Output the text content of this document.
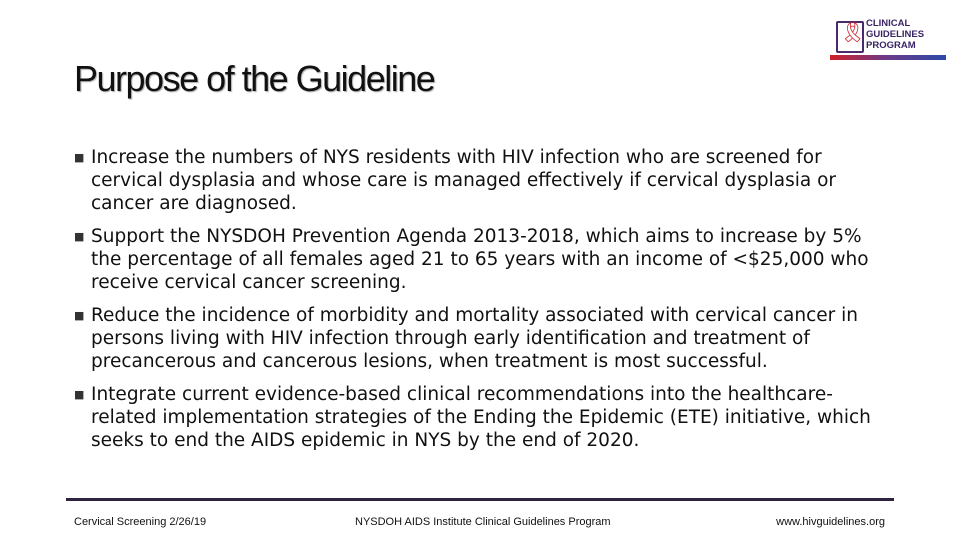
Purpose of the Guideline
🎗︎ CLINICAL
GUIDELINES
PROGRAM
■ Increase the numbers of NYS residents with HIV infection who are screened for cervical dysplasia and whose care is managed effectively if cervical dysplasia or cancer are diagnosed.
■ Support the NYSDOH Prevention Agenda 2013-2018, which aims to increase by 5% the percentage of all females aged 21 to 65 years with an income of <$25,000 who receive cervical cancer screening.
■ Reduce the incidence of morbidity and mortality associated with cervical cancer in persons living with HIV infection through early identification and treatment of precancerous and cancerous lesions, when treatment is most successful.
■ Integrate current evidence-based clinical recommendations into the healthcare-related implementation strategies of the Ending the Epidemic (ETE) initiative, which seeks to end the AIDS epidemic in NYS by the end of 2020.
Cervical Screening 2/26/19	NYSDOH AIDS Institute Clinical Guidelines Program	www.hivguidelines.org
